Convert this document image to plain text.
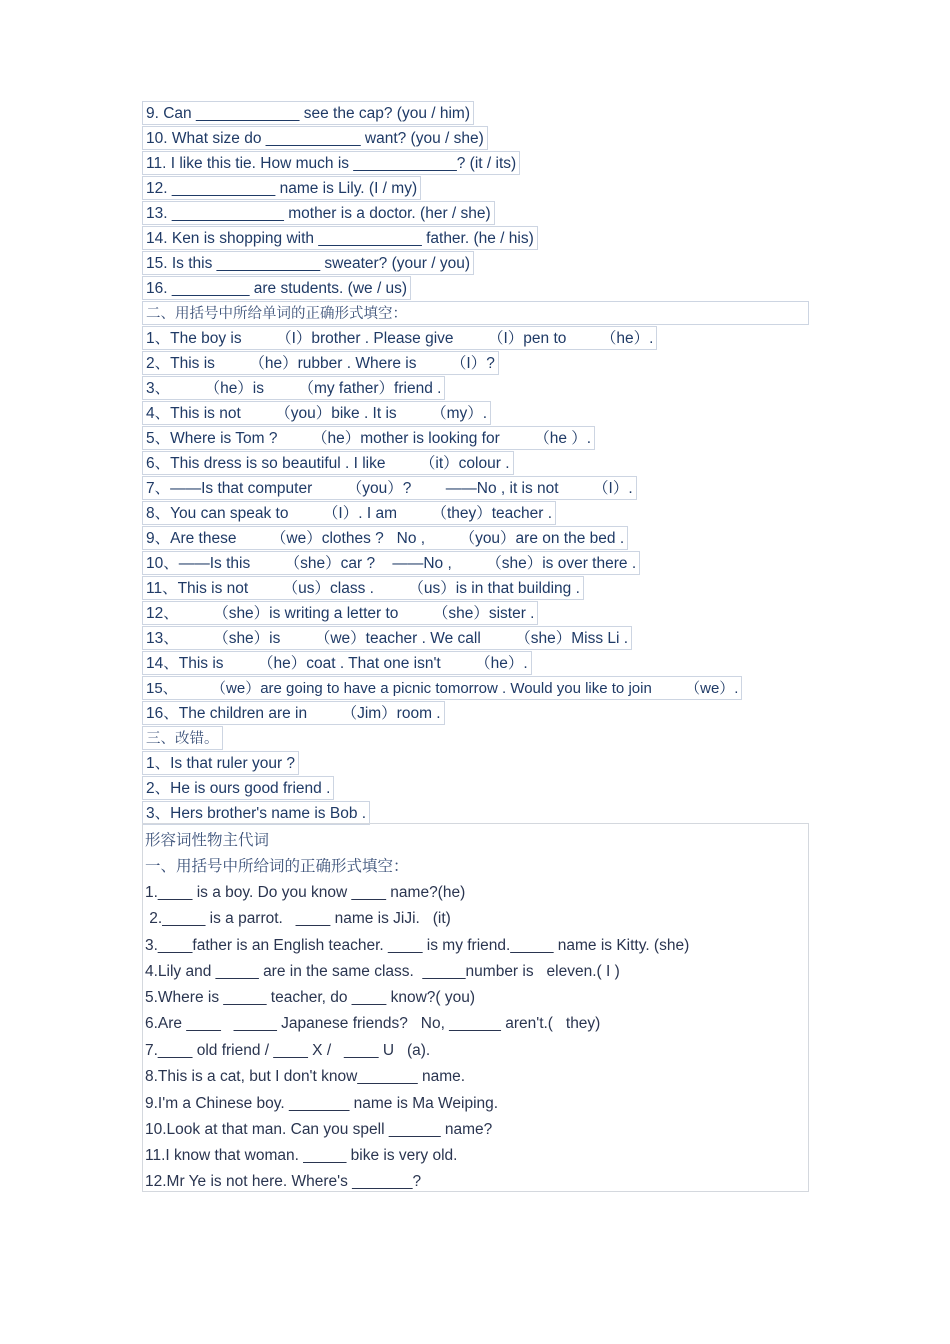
9. Can ____________ see the cap? (you / him)
10. What size do ___________ want? (you / she)
11. I like this tie. How much is ____________? (it / its)
12. ____________ name is Lily. (I / my)
13. _____________ mother is a doctor. (her / she)
14. Ken is shopping with ____________ father. (he / his)
15. Is this ____________ sweater? (your / you)
16. _________ are students. (we / us)
二、用括号中所给单词的正确形式填空：
1、The boy is        （I）brother . Please give        （I）pen to        （he）.
2、This is        （he）rubber . Where is        （I）?
3、        （he）is        （my father）friend .
4、This is not        （you）bike . It is        （my）.
5、Where is Tom ?        （he）mother is looking for        （he ）.
6、This dress is so beautiful . I like        （it）colour .
7、——Is that computer        （you）?        ——No , it is not        （I）.
8、You can speak to        （I）. I am        （they）teacher .
9、Are these        （we）clothes ?   No ,        （you）are on the bed .
10、——Is this        （she）car ?    ——No ,        （she）is over there .
11、This is not        （us）class .        （us）is in that building .
12、        （she）is writing a letter to        （she）sister .
13、        （she）is        （we）teacher . We call        （she）Miss Li .
14、This is        （he）coat . That one isn't        （he）.
15、        （we）are going to have a picnic tomorrow . Would you like to join        （we）.
16、The children are in        （Jim）room .
三、改错。
1、Is that ruler your ?
2、He is ours good friend .
3、Hers brother's name is Bob .
形容词性物主代词
一、用括号中所给词的正确形式填空：
1.____ is a boy. Do you know ____ name?(he)
2._____ is a parrot.   ____ name is JiJi.   (it)
3.____father is an English teacher. ____ is my friend._____ name is Kitty. (she)
4.Lily and _____ are in the same class.  _____number is   eleven.( I )
5.Where is _____ teacher, do ____ know?( you)
6.Are ____   _____ Japanese friends?   No, ______ aren't.(   they)
7.____ old friend / ____ X /   ____ U   (a).
8.This is a cat, but I don't know_______ name.
9.I'm a Chinese boy. _______ name is Ma Weiping.
10.Look at that man. Can you spell ______ name?
11.I know that woman. _____ bike is very old.
12.Mr Ye is not here. Where's _______?
